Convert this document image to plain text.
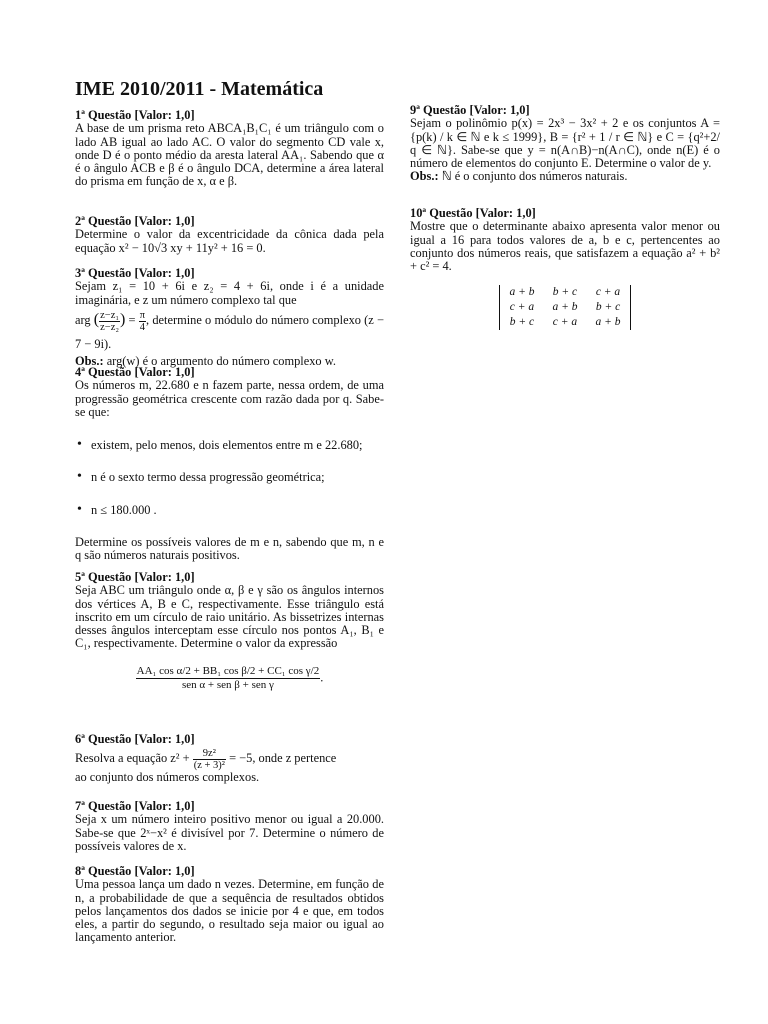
IME 2010/2011 - Matemática
1ª Questão [Valor: 1,0]
A base de um prisma reto ABCA₁B₁C₁ é um triângulo com o lado AB igual ao lado AC. O valor do segmento CD vale x, onde D é o ponto médio da aresta lateral AA₁. Sabendo que α é o ângulo ACB e β é o ângulo DCA, determine a área lateral do prisma em função de x, α e β.
2ª Questão [Valor: 1,0]
Determine o valor da excentricidade da cônica dada pela equação x² − 10√3 xy + 11y² + 16 = 0.
3ª Questão [Valor: 1,0]
Sejam z₁ = 10 + 6i e z₂ = 4 + 6i, onde i é a unidade imaginária, e z um número complexo tal que
arg ( $\frac{\text{z−z₁}}{\text{z−z₂}}$ ) = $\frac{\pi}{4}$ , determine o módulo do número complexo (z − 7 − 9i).
Obs.: arg(w) é o argumento do número complexo w.
4ª Questão [Valor: 1,0]
Os números m, 22.680 e n fazem parte, nessa ordem, de uma progressão geométrica crescente com razão dada por q. Sabe-se que:
• existem, pelo menos, dois elementos entre m e 22.680;
• n é o sexto termo dessa progressão geométrica;
• n ≤ 180.000 .
Determine os possíveis valores de m e n, sabendo que m, n e q são números naturais positivos.
5ª Questão [Valor: 1,0]
Seja ABC um triângulo onde α, β e γ são os ângulos internos dos vértices A, B e C, respectivamente. Esse triângulo está inscrito em um círculo de raio unitário. As bissetrizes internas desses ângulos interceptam esse círculo nos pontos A₁, B₁ e C₁, respectivamente. Determine o valor da expressão
$\frac{\text{AA₁ cos α/2 + BB₁ cos β/2 + CC₁ cos γ/2}}{\text{sen α + sen β + sen γ}}$ .
6ª Questão [Valor: 1,0]
Resolva a equação $z^2 + \frac{\text{9z²}}{\text{(z + 3)²}} = -5$, onde z pertence
ao conjunto dos números complexos.
7ª Questão [Valor: 1,0]
Seja x um número inteiro positivo menor ou igual a 20.000. Sabe-se que 2ˣ−x² é divisível por 7. Determine o número de possíveis valores de x.
8ª Questão [Valor: 1,0]
Uma pessoa lança um dado n vezes. Determine, em função de n, a probabilidade de que a sequência de resultados obtidos pelos lançamentos dos dados se inicie por 4 e que, em todos eles, a partir do segundo, o resultado seja maior ou igual ao lançamento anterior.
9ª Questão [Valor: 1,0]
Sejam o polinômio p(x) = 2x³ − 3x² + 2 e os conjuntos A = {p(k) / k ∈ ℕ e k ≤ 1999}, B = {r² + 1 / r ∈ ℕ} e C = {q²+2/ q ∈ ℕ}. Sabe-se que y = n(A∩B)−n(A∩C), onde n(E) é o número de elementos do conjunto E. Determine o valor de y.
Obs.: ℕ é o conjunto dos números naturais.
10ª Questão [Valor: 1,0]
Mostre que o determinante abaixo apresenta valor menor ou igual a 16 para todos valores de a, b e c, pertencentes ao conjunto dos números reais, que satisfazem a equação a² + b² + c² = 4.
a + b	b + c	c + a
c + a	a + b	b + c
b + c	c + a	a + b
